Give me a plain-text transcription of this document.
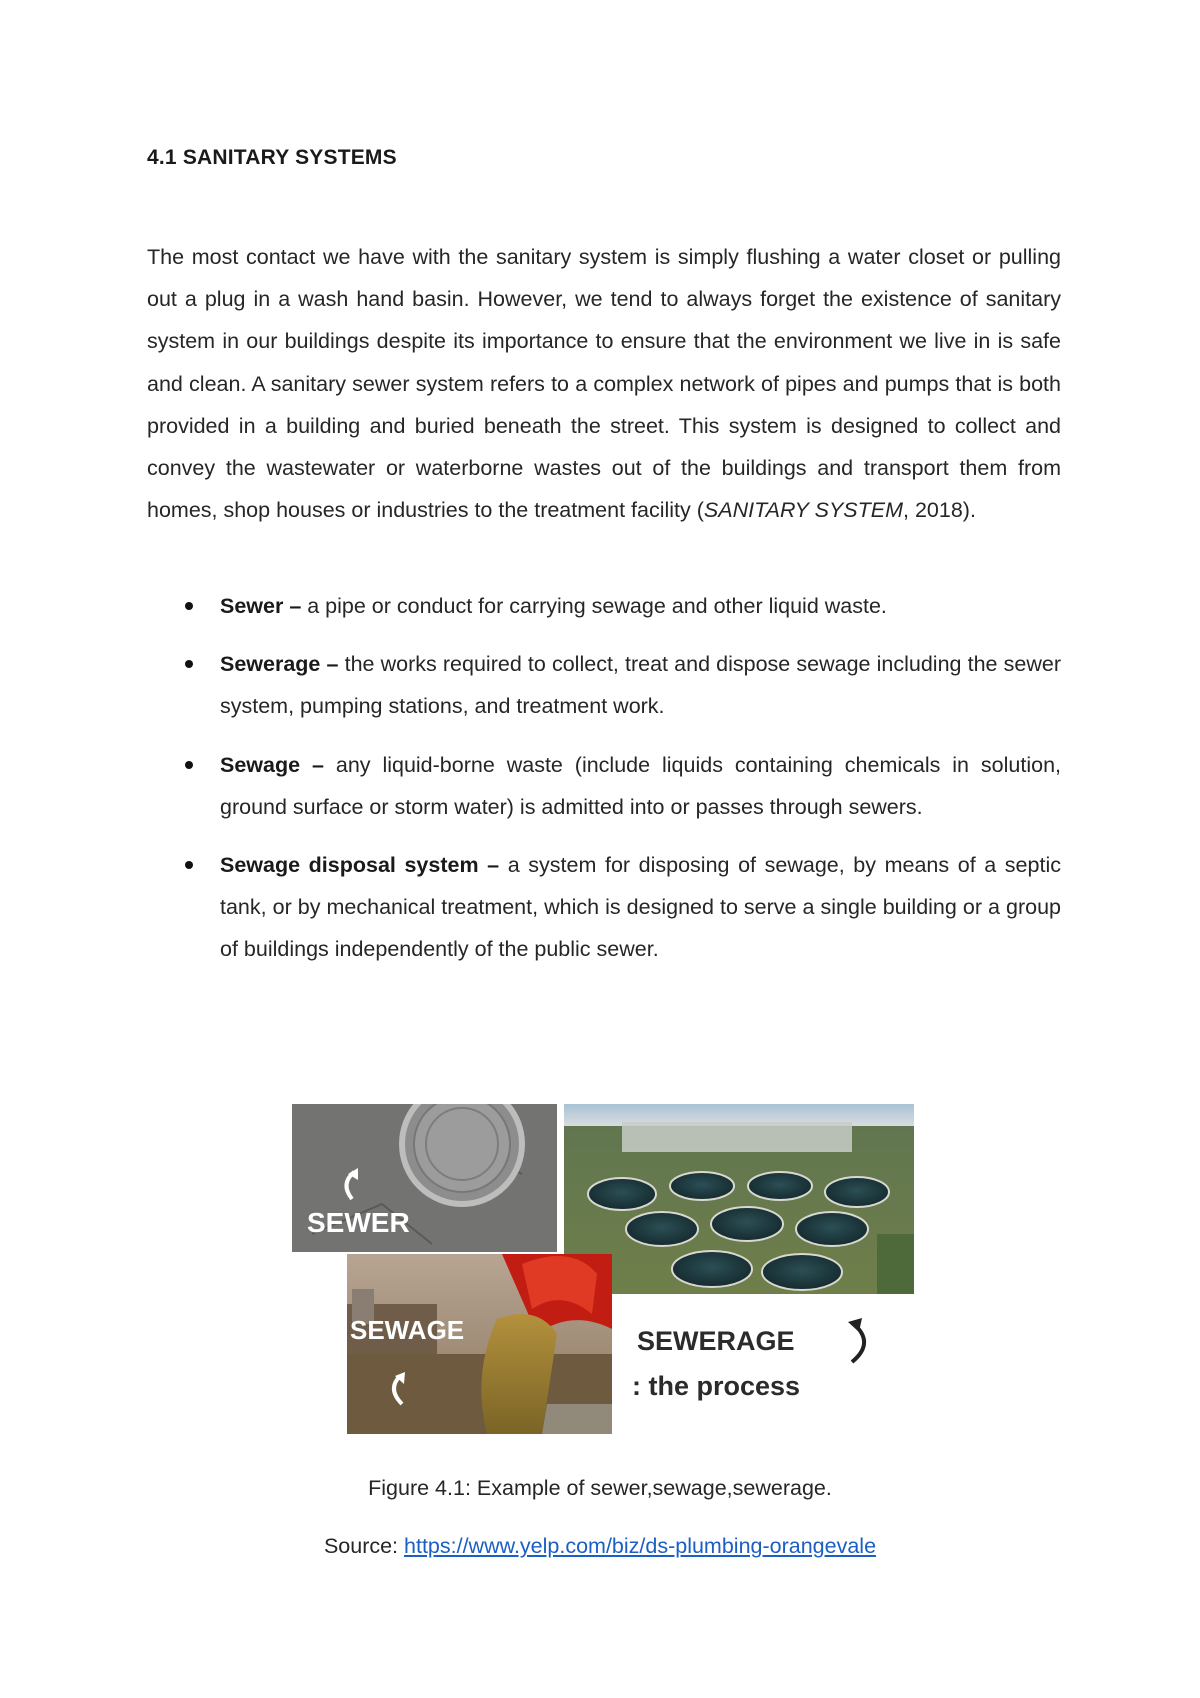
4.1 SANITARY SYSTEMS

The most contact we have with the sanitary system is simply flushing a water closet or pulling out a plug in a wash hand basin. However, we tend to always forget the existence of sanitary system in our buildings despite its importance to ensure that the environment we live in is safe and clean. A sanitary sewer system refers to a complex network of pipes and pumps that is both provided in a building and buried beneath the street. This system is designed to collect and convey the wastewater or waterborne wastes out of the buildings and transport them from homes, shop houses or industries to the treatment facility (SANITARY SYSTEM, 2018).

Sewer – a pipe or conduct for carrying sewage and other liquid waste.
Sewerage – the works required to collect, treat and dispose sewage including the sewer system, pumping stations, and treatment work.
Sewage – any liquid-borne waste (include liquids containing chemicals in solution, ground surface or storm water) is admitted into or passes through sewers.
Sewage disposal system – a system for disposing of sewage, by means of a septic tank, or by mechanical treatment, which is designed to serve a single building or a group of buildings independently of the public sewer.
SEWER
SEWAGE	SEWERAGE
: the process
Figure 4.1: Example of sewer,sewage,sewerage.
Source: https://www.yelp.com/biz/ds-plumbing-orangevale
